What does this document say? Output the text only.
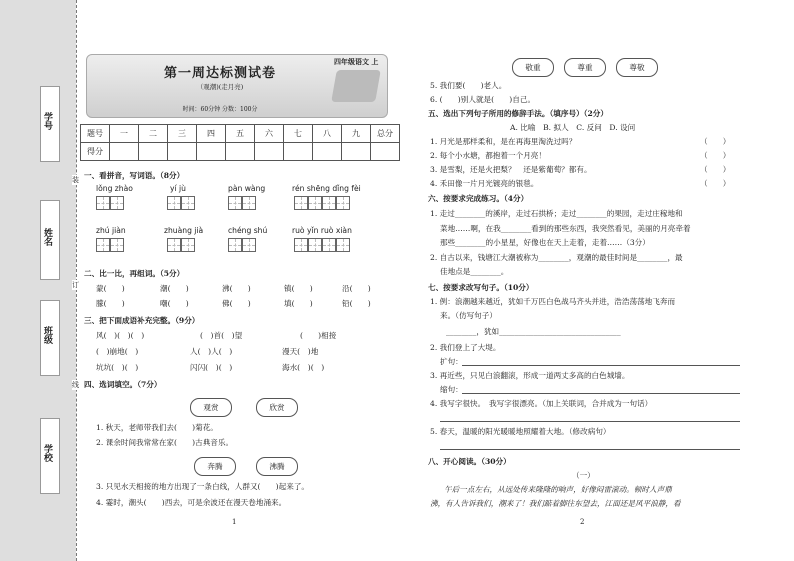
学号
姓名
班级
学校
装
订
线
第一周达标测试卷
（观潮)(走月亮)
时间：60分钟 分数：100分
四年级语文 上
题号	一	二	三	四	五	六	七	八	九	总分
得分										
一、看拼音，写词语。（8分）
lǒng zhào	yí jù	pàn wàng	rén shēng dǐng fèi
zhú jiàn	zhuàng jià	chéng shú	ruò yǐn ruò xiàn
二、比一比，再组词。（5分）
蒙(　　)	潮(　　)	沸(　　)	镇(　　)	沿(　　)
朦(　　)	嘲(　　)	佛(　　)	填(　　)	铅(　　)
三、把下面成语补充完整。（9分）
风(　)(　)(　)	(　)首(　)望	(　　)相接
(　)崩地(　)	人(　)人(　)	漫天(　)地
坑坑(　)(　)	闪闪(　)(　)	海水(　)(　)
四、选词填空。（7分）
观赏	欣赏
1. 秋天，老师带我们去(　　)菊花。
2. 课余时间我常常在家(　　)古典音乐。
奔腾	沸腾
3. 只见水天相接的地方出现了一条白线，人群又(　　)起来了。
4. 霎时，潮头(　　)西去，可是余波还在漫天卷地涌来。
1
敬重	尊重	尊敬
5. 我们要(　　)老人。
6. (　　)别人就是(　　)自己。
五、选出下列句子所用的修辞手法。（填序号）（2分）
A. 比喻　B. 拟人　C. 反问　D. 设问
1. 月光是那样柔和，是在再海里淘洗过吗？	（　　）
2. 每个小水塘，都抱着一个月亮！	（　　）
3. 是雪梨，还是火把梨？　还是紫葡萄？都有。	（　　）
4. 禾田像一片月光镀亮的银毯。	（　　）
六、按要求完成练习。（4分）
1. 走过________的溪岸，走过石拱桥；走过________的果园，走过庄稼地和
菜地……啊，在我________看到的那些东西，我突然看见，美丽的月亮牵着
那些________的小星星，好像也在天上走着，走着……（3分）
2. 自古以来，钱塘江大潮被称为________，观潮的最佳时间是________，最
佳地点是________。
七、按要求改写句子。（10分）
1. 例：浪潮越来越近，犹如千万匹白色战马齐头并进，浩浩荡荡地飞奔而
来。（仿写句子）
________，犹如________________________________
2. 我们登上了大堤。
扩句：
3. 再近些，只见白浪翻滚，形成一道两丈多高的白色城墙。
缩句：
4. 我写字很快。　我写字很漂亮。（加上关联词，合并成为一句话）
5. 春天，温暖的阳光暖暖地照耀着大地。（修改病句）
八、开心阅读。（30分）
（一）
午后一点左右，从远处传来隆隆的响声，好像闷雷滚动。顿时人声鼎
沸，有人告诉我们，潮来了！我们踮着脚往东望去，江面还是风平浪静，看
2
